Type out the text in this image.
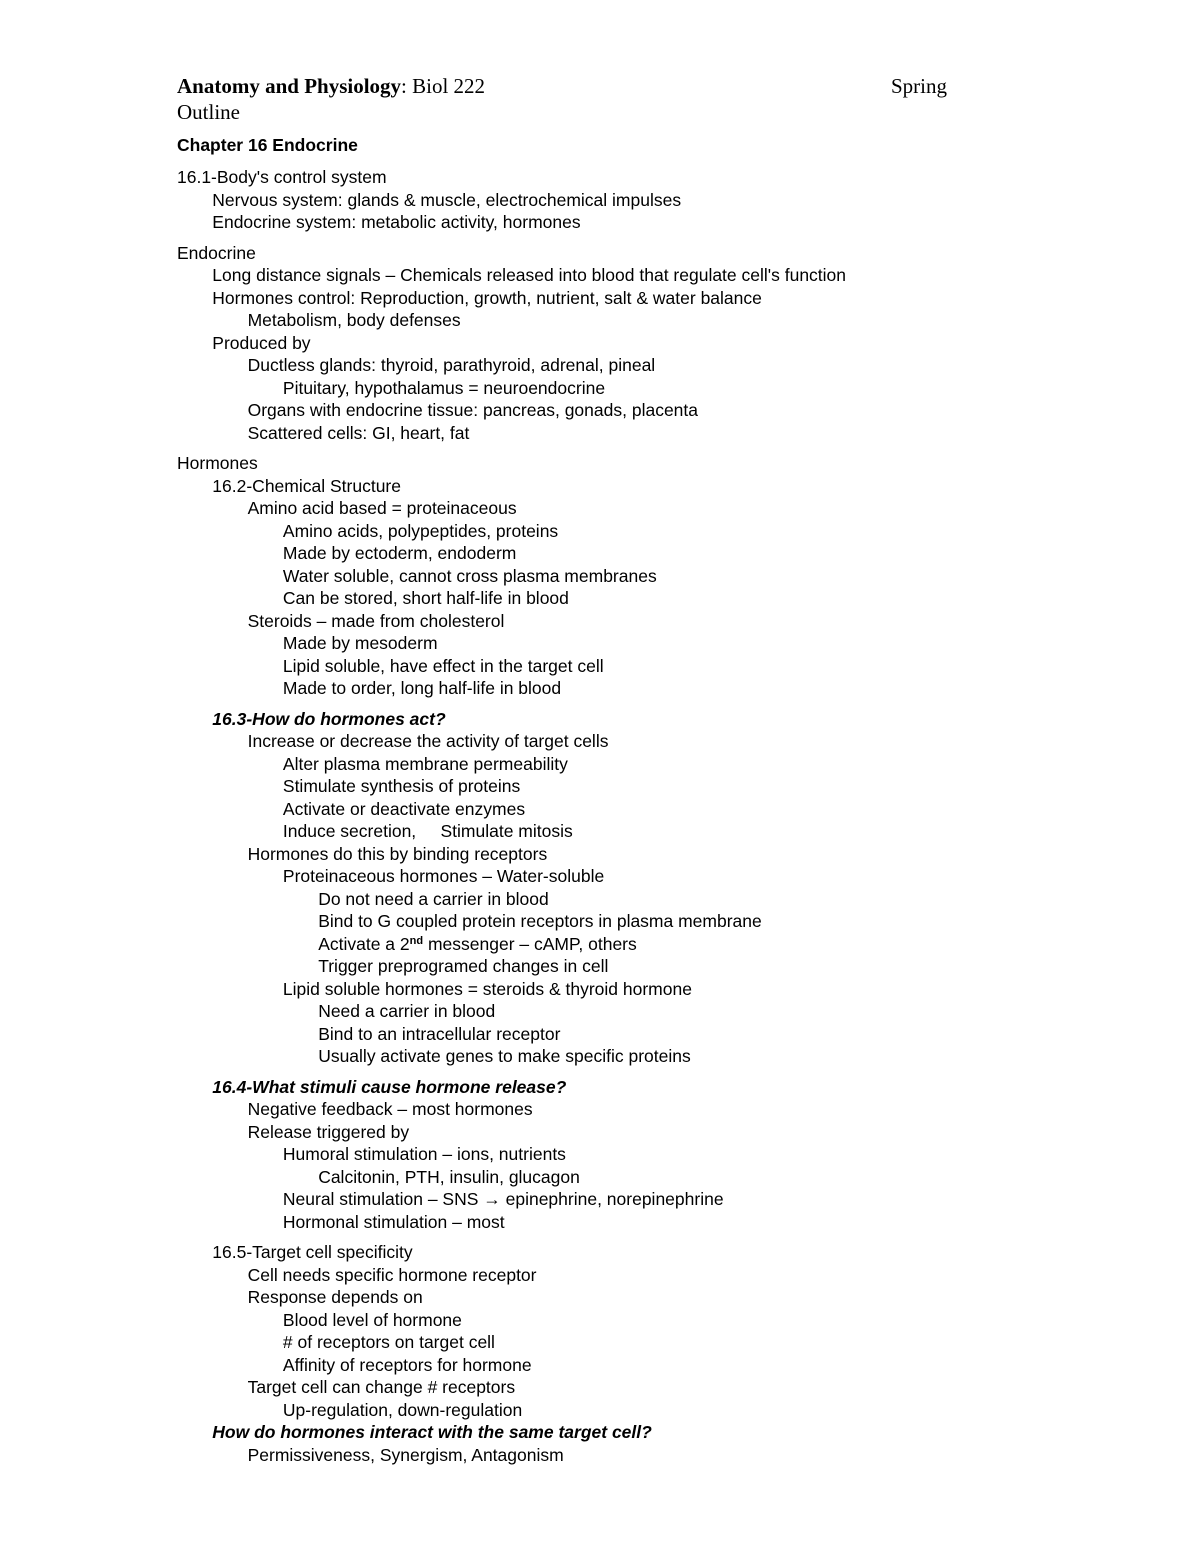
Anatomy and Physiology: Biol 222	Spring
Outline
Chapter 16 Endocrine
16.1-Body's control system
Nervous system: glands & muscle, electrochemical impulses
Endocrine system: metabolic activity, hormones
Endocrine
Long distance signals – Chemicals released into blood that regulate cell's function
Hormones control: Reproduction, growth, nutrient, salt & water balance
Metabolism, body defenses
Produced by
Ductless glands: thyroid, parathyroid, adrenal, pineal
Pituitary, hypothalamus = neuroendocrine
Organs with endocrine tissue: pancreas, gonads, placenta
Scattered cells: GI, heart, fat
Hormones
16.2-Chemical Structure
Amino acid based = proteinaceous
Amino acids, polypeptides, proteins
Made by ectoderm, endoderm
Water soluble, cannot cross plasma membranes
Can be stored, short half-life in blood
Steroids – made from cholesterol
Made by mesoderm
Lipid soluble, have effect in the target cell
Made to order, long half-life in blood
16.3-How do hormones act?
Increase or decrease the activity of target cells
Alter plasma membrane permeability
Stimulate synthesis of proteins
Activate or deactivate enzymes
Induce secretion,     Stimulate mitosis
Hormones do this by binding receptors
Proteinaceous hormones – Water-soluble
Do not need a carrier in blood
Bind to G coupled protein receptors in plasma membrane
Activate a 2nd messenger – cAMP, others
Trigger preprogramed changes in cell
Lipid soluble hormones = steroids & thyroid hormone
Need a carrier in blood
Bind to an intracellular receptor
Usually activate genes to make specific proteins
16.4-What stimuli cause hormone release?
Negative feedback – most hormones
Release triggered by
Humoral stimulation – ions, nutrients
Calcitonin, PTH, insulin, glucagon
Neural stimulation – SNS → epinephrine, norepinephrine
Hormonal stimulation – most
16.5-Target cell specificity
Cell needs specific hormone receptor
Response depends on
Blood level of hormone
# of receptors on target cell
Affinity of receptors for hormone
Target cell can change # receptors
Up-regulation, down-regulation
How do hormones interact with the same target cell?
Permissiveness, Synergism, Antagonism
